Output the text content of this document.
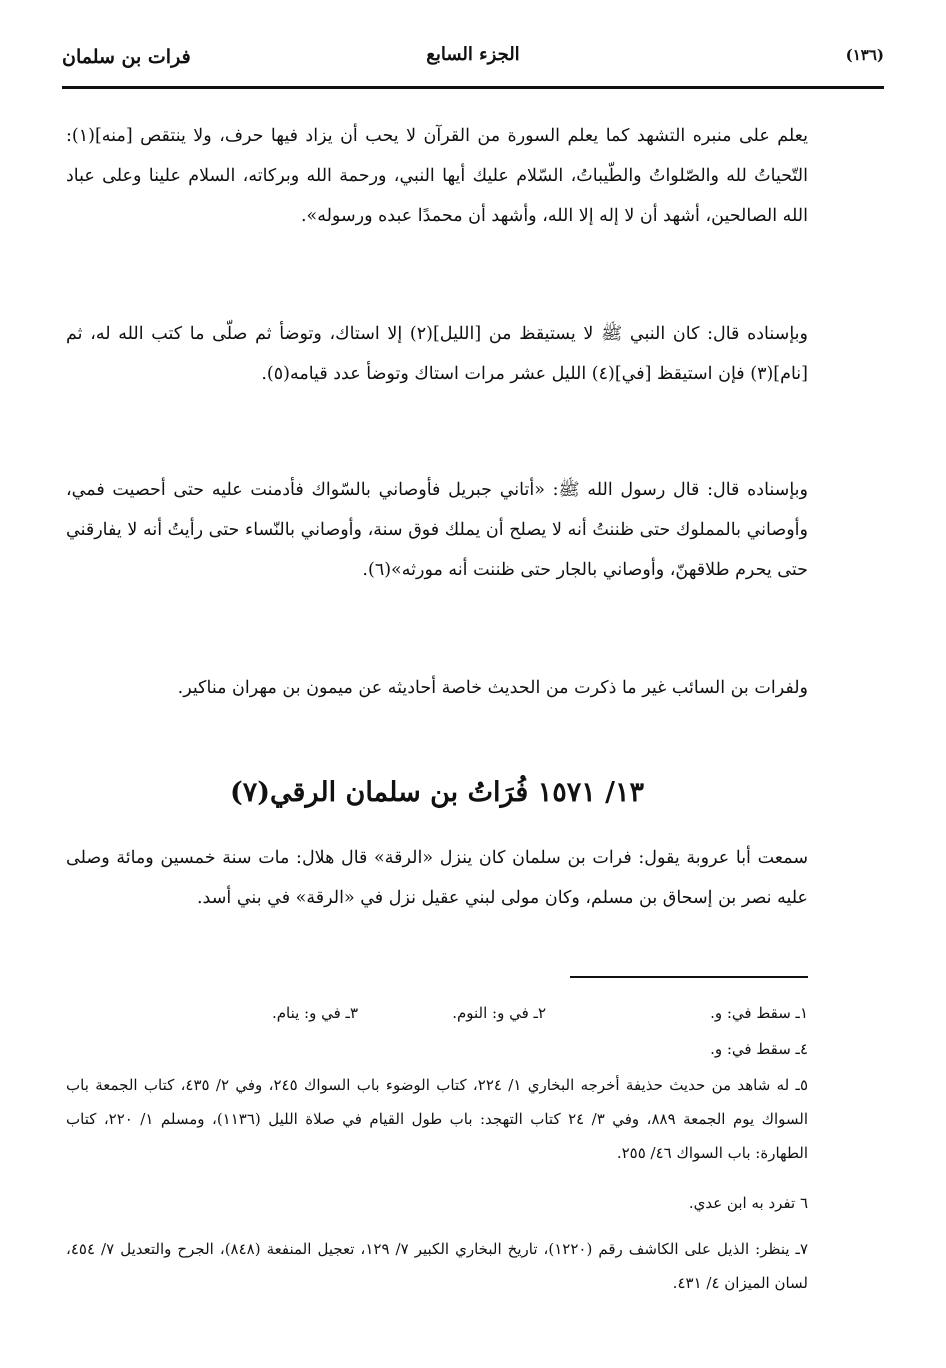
فرات بن سلمان	الجزء السابع	(١٣٦)

يعلم على منبره التشهد كما يعلم السورة من القرآن لا يحب أن يزاد فيها حرف، ولا ينتقص [منه](١): التّحياتُ لله والصّلواتُ والطّيباتُ، السّلام عليك أيها النبي، ورحمة الله وبركاته، السلام علينا وعلى عباد الله الصالحين، أشهد أن لا إله إلا الله، وأشهد أن محمدًا عبده ورسوله».

وبإسناده قال: كان النبي ﷺ لا يستيقظ من [الليل](٢) إلا استاك، وتوضأ ثم صلّى ما كتب الله له، ثم [نام](٣) فإن استيقظ [في](٤) الليل عشر مرات استاك وتوضأ عدد قيامه(٥).

وبإسناده قال: قال رسول الله ﷺ: «أتاني جبريل فأوصاني بالسّواك فأدمنت عليه حتى أحصيت فمي، وأوصاني بالمملوك حتى ظننتُ أنه لا يصلح أن يملك فوق سنة، وأوصاني بالنّساء حتى رأيتُ أنه لا يفارقني حتى يحرم طلاقهنّ، وأوصاني بالجار حتى ظننت أنه مورثه»(٦).

ولفرات بن السائب غير ما ذكرت من الحديث خاصة أحاديثه عن ميمون بن مهران مناكير.

١٣/ ١٥٧١ فُرَاتُ بن سلمان الرقي(٧)

سمعت أبا عروبة يقول: فرات بن سلمان كان ينزل «الرقة» قال هلال: مات سنة خمسين ومائة وصلى عليه نصر بن إسحاق بن مسلم، وكان مولى لبني عقيل نزل في «الرقة» في بني أسد.

١ـ سقط في: و.
٢ـ في و: النوم.
٣ـ في و: ينام.
٤ـ سقط في: و.
٥ـ له شاهد من حديث حذيفة أخرجه البخاري ١/ ٢٢٤، كتاب الوضوء باب السواك ٢٤٥، وفي ٢/ ٤٣٥، كتاب الجمعة باب السواك يوم الجمعة ٨٨٩، وفي ٣/ ٢٤ كتاب التهجد: باب طول القيام في صلاة الليل (١١٣٦)، ومسلم ١/ ٢٢٠، كتاب الطهارة: باب السواك ٤٦/ ٢٥٥.
٦ تفرد به ابن عدي.
٧ـ ينظر: الذيل على الكاشف رقم (١٢٢٠)، تاريخ البخاري الكبير ٧/ ١٢٩، تعجيل المنفعة (٨٤٨)، الجرح والتعديل ٧/ ٤٥٤، لسان الميزان ٤/ ٤٣١.
